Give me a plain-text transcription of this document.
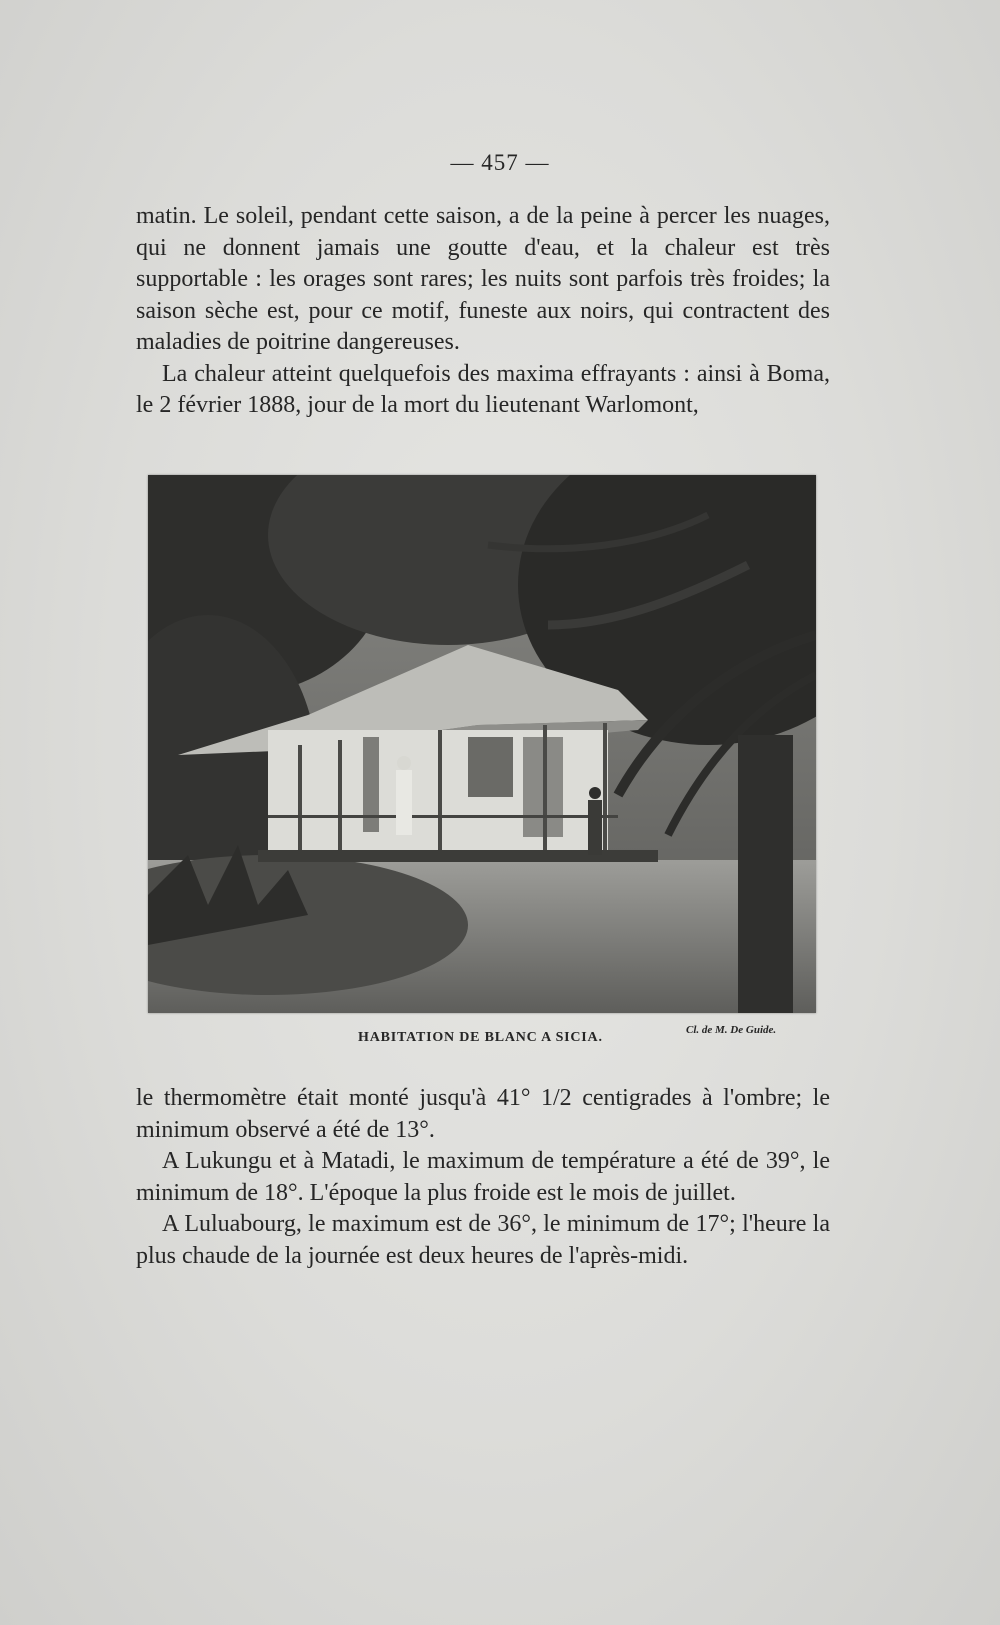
— 457 —

matin. Le soleil, pendant cette saison, a de la peine à percer les nuages, qui ne donnent jamais une goutte d'eau, et la chaleur est très supportable : les orages sont rares; les nuits sont parfois très froides; la saison sèche est, pour ce motif, funeste aux noirs, qui contractent des maladies de poitrine dangereuses.

La chaleur atteint quelquefois des maxima effrayants : ainsi à Boma, le 2 février 1888, jour de la mort du lieutenant Warlomont,

HABITATION DE BLANC A SICIA.	Cl. de M. De Guide.

le thermomètre était monté jusqu'à 41° 1/2 centigrades à l'ombre; le minimum observé a été de 13°.

A Lukungu et à Matadi, le maximum de température a été de 39°, le minimum de 18°. L'époque la plus froide est le mois de juillet.

A Luluabourg, le maximum est de 36°, le minimum de 17°; l'heure la plus chaude de la journée est deux heures de l'après-midi.
